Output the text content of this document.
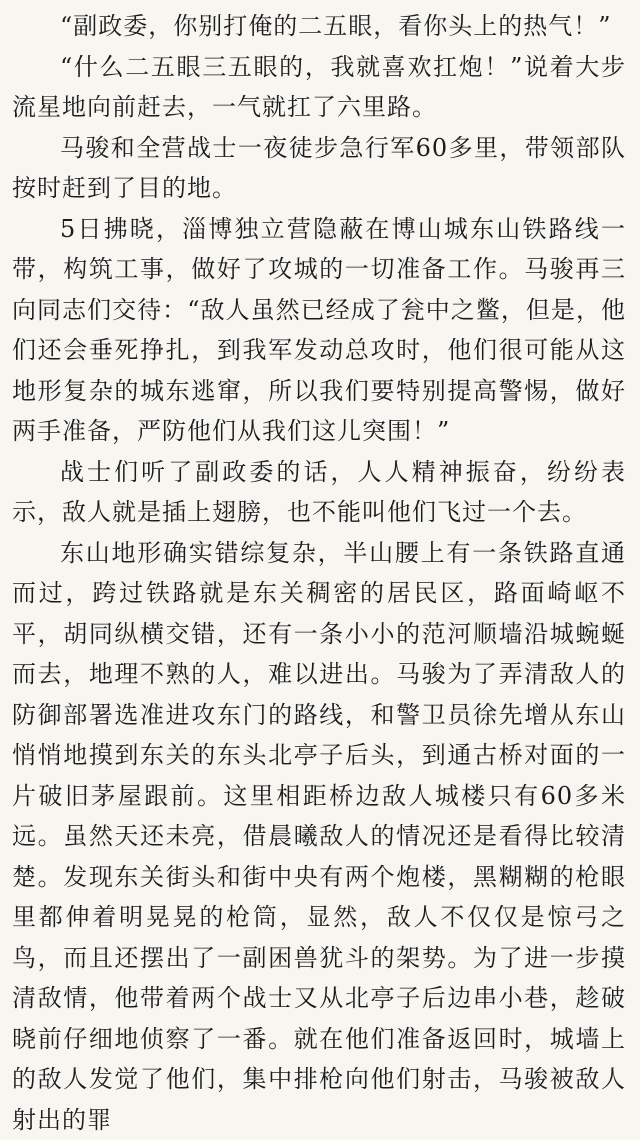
“副政委，你别打俺的二五眼，看你头上的热气！”

“什么二五眼三五眼的，我就喜欢扛炮！”说着大步流星地向前赶去，一气就扛了六里路。

马骏和全营战士一夜徒步急行军60多里，带领部队按时赶到了目的地。

5日拂晓，淄博独立营隐蔽在博山城东山铁路线一带，构筑工事，做好了攻城的一切准备工作。马骏再三向同志们交待：“敌人虽然已经成了瓮中之鳖，但是，他们还会垂死挣扎，到我军发动总攻时，他们很可能从这地形复杂的城东逃窜，所以我们要特别提高警惕，做好两手准备，严防他们从我们这儿突围！”

战士们听了副政委的话，人人精神振奋，纷纷表示，敌人就是插上翅膀，也不能叫他们飞过一个去。

东山地形确实错综复杂，半山腰上有一条铁路直通而过，跨过铁路就是东关稠密的居民区，路面崎岖不平，胡同纵横交错，还有一条小小的范河顺墙沿城蜿蜒而去，地理不熟的人，难以进出。马骏为了弄清敌人的防御部署选准进攻东门的路线，和警卫员徐先增从东山悄悄地摸到东关的东头北亭子后头，到通古桥对面的一片破旧茅屋跟前。这里相距桥边敌人城楼只有60多米远。虽然天还未亮，借晨曦敌人的情况还是看得比较清楚。发现东关街头和街中央有两个炮楼，黑糊糊的枪眼里都伸着明晃晃的枪筒，显然，敌人不仅仅是惊弓之鸟，而且还摆出了一副困兽犹斗的架势。为了进一步摸清敌情，他带着两个战士又从北亭子后边串小巷，趁破晓前仔细地侦察了一番。就在他们准备返回时，城墙上的敌人发觉了他们，集中排枪向他们射击，马骏被敌人射出的罪
